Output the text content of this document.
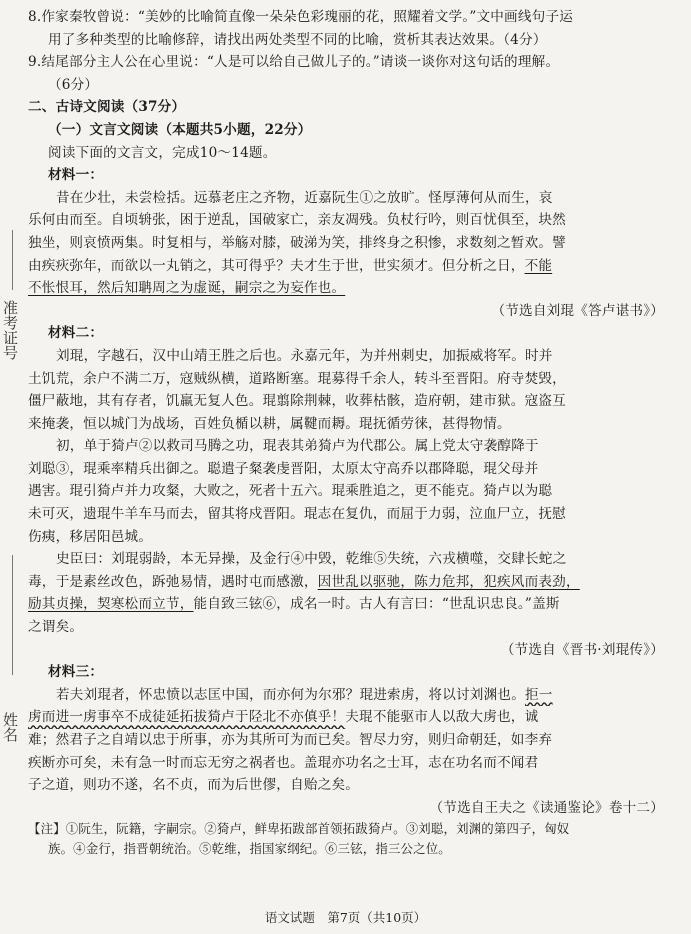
准考证号
姓名
8.作家秦牧曾说：“美妙的比喻简直像一朵朵色彩瑰丽的花，照耀着文学。”文中画线句子运
用了多种类型的比喻修辞，请找出两处类型不同的比喻，赏析其表达效果。（4分）
9.结尾部分主人公在心里说：“人是可以给自己做儿子的。”请谈一谈你对这句话的理解。
（6分）
二、古诗文阅读（37分）
（一）文言文阅读（本题共5小题，22分）
阅读下面的文言文，完成10～14题。
材料一：
昔在少壮，未尝检括。远慕老庄之齐物，近嘉阮生①之放旷。怪厚薄何从而生，哀
乐何由而至。自顷辀张，困于逆乱，国破家亡，亲友凋残。负杖行吟，则百忧俱至，块然
独坐，则哀愤两集。时复相与，举觞对膝，破涕为笑，排终身之积惨，求数刻之暂欢。譬
由疾疢弥年，而欲以一丸销之，其可得乎？夫才生于世，世实须才。但分析之日，不能
不怅恨耳，然后知聃周之为虚诞，嗣宗之为妄作也。
（节选自刘琨《答卢谌书》）
材料二：
刘琨，字越石，汉中山靖王胜之后也。永嘉元年，为并州刺史，加振威将军。时并
土饥荒，余户不满二万，寇贼纵横，道路断塞。琨募得千余人，转斗至晋阳。府寺焚毁，
僵尸蔽地，其有存者，饥羸无复人色。琨翦除荆棘，收葬枯骸，造府朝，建市狱。寇盗互
来掩袭，恒以城门为战场，百姓负楯以耕，属鞬而耨。琨抚循劳徕，甚得物情。
初，单于猗卢②以救司马腾之功，琨表其弟猗卢为代郡公。属上党太守袭醇降于
刘聪③，琨乘率精兵出御之。聪遣子粲袭虔晋阳，太原太守高乔以郡降聪，琨父母并
遇害。琨引猗卢并力攻粲，大败之，死者十五六。琨乘胜追之，更不能克。猗卢以为聪
未可灭，遗琨牛羊车马而去，留其将戍晋阳。琨志在复仇，而屈于力弱，泣血尸立，抚慰
伤痍，移居阳邑城。
史臣曰：刘琨弱龄，本无异操，及金行④中毁，乾维⑤失统，六戎横噬，交肆长蛇之
毒，于是素丝改色，跅弛易情，遇时屯而感激，因世乱以驱驰，陈力危邦，犯疾风而表劲，
励其贞操，契寒松而立节，能自致三铉⑥，成名一时。古人有言曰：“世乱识忠良。”盖斯
之谓矣。
（节选自《晋书·刘琨传》）
材料三：
若夫刘琨者，怀忠愤以志匡中国，而亦何为尔邪？琨进索虏，将以讨刘渊也。拒一
虏而进一虏事卒不成徒延拓拔猗卢于陉北不亦傎乎！夫琨不能驱市人以敌大虏也，诚
难；然君子之自靖以忠于所事，亦为其所可为而已矣。智尽力穷，则归命朝廷，如李弃
疾断亦可矣，未有急一时而忘无穷之祸者也。盖琨亦功名之士耳，志在功名而不闻君
子之道，则功不遂，名不贞，而为后世僇，自贻之矣。
（节选自王夫之《读通鉴论》卷十二）
【注】①阮生，阮籍，字嗣宗。②猗卢，鲜卑拓跋部首领拓跋猗卢。③刘聪，刘渊的第四子，匈奴
族。④金行，指晋朝统治。⑤乾维，指国家纲纪。⑥三铉，指三公之位。
语文试题　第7页（共10页）
